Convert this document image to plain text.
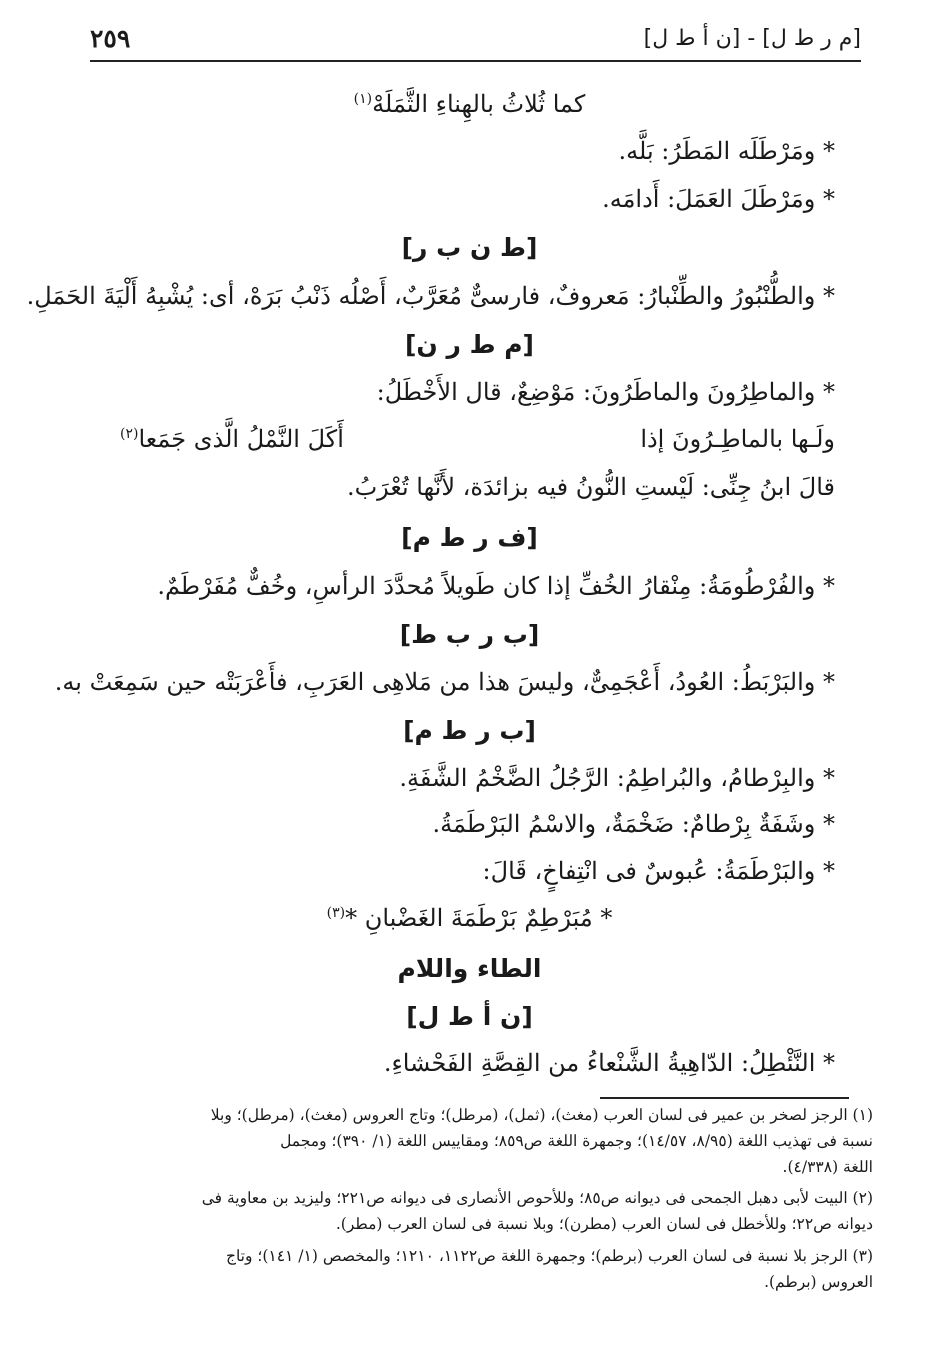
[م ر ط ل] - [ن أ ط ل]
٢٥٩
كما ثُلاثُ بالهِناءِ الثَّمَلَهْ$^{(١)}$
* ومَرْطَلَه المَطَرُ: بَلَّه.
* ومَرْطَلَ العَمَلَ: أَدامَه.
[ط ن ب ر]
* والطُّنْبُورُ والطِّنْبارُ: مَعروفٌ، فارسىٌّ مُعَرَّبٌ، أَصْلُه ذَنْبُ بَرَهْ، أى: يُشْبِهُ أَلْيَةَ الحَمَلِ.
[م ط ر ن]
* والماطِرُونَ والماطَرُونَ: مَوْضِعٌ، قال الأَخْطَلُ:
ولَـها بالماطِـرُونَ إذا
أَكَلَ النَّمْلُ الَّذى جَمَعا$^{(٢)}$
قالَ ابنُ جِنِّى: لَيْستِ النُّونُ فيه بزائدَة، لأَنَّها تُعْرَبُ.
[ف ر ط م]
* والفُرْطُومَةُ: مِنْقارُ الخُفِّ إذا كان طَويلاً مُحدَّدَ الرأسِ، وخُفٌّ مُفَرْطَمٌ.
[ب ر ب ط]
* والبَرْبَطُ: العُودُ، أَعْجَمِىٌّ، وليسَ هذا من مَلاهِى العَرَبِ، فأَعْرَبَتْه حين سَمِعَتْ به.
[ب ر ط م]
* والبِرْطامُ، والبُراطِمُ: الرَّجُلُ الضَّخْمُ الشَّفَةِ.
* وشَفَةٌ بِرْطامٌ: ضَخْمَةٌ، والاسْمُ البَرْطَمَةُ.
* والبَرْطَمَةُ: عُبوسٌ فى انْتِفاخٍ، قَالَ:
* مُبَرْطِمٌ بَرْطَمَةَ الغَضْبانِ *$^{(٣)}$
الطاء واللام
[ن أ ط ل]
* النَّئْطِلُ: الدّاهِيةُ الشَّنْعاءُ من القِصَّةِ الفَحْشاءِ.
(١) الرجز لصخر بن عمير فى لسان العرب (مغث)، (ثمل)، (مرطل)؛ وتاج العروس (مغث)، (مرطل)؛ وبلا
نسبة فى تهذيب اللغة (٨/٩٥، ١٤/٥٧)؛ وجمهرة اللغة ص٨٥٩؛ ومقاييس اللغة (١/ ٣٩٠)؛ ومجمل
اللغة (٤/٣٣٨).
(٢) البيت لأبى دهبل الجمحى فى ديوانه ص٨٥؛ وللأحوص الأنصارى فى ديوانه ص٢٢١؛ وليزيد بن معاوية فى
ديوانه ص٢٢؛ وللأخطل فى لسان العرب (مطرن)؛ وبلا نسبة فى لسان العرب (مطر).
(٣) الرجز بلا نسبة فى لسان العرب (برطم)؛ وجمهرة اللغة ص١١٢٢، ١٢١٠؛ والمخصص (١/ ١٤١)؛ وتاج
العروس (برطم).
